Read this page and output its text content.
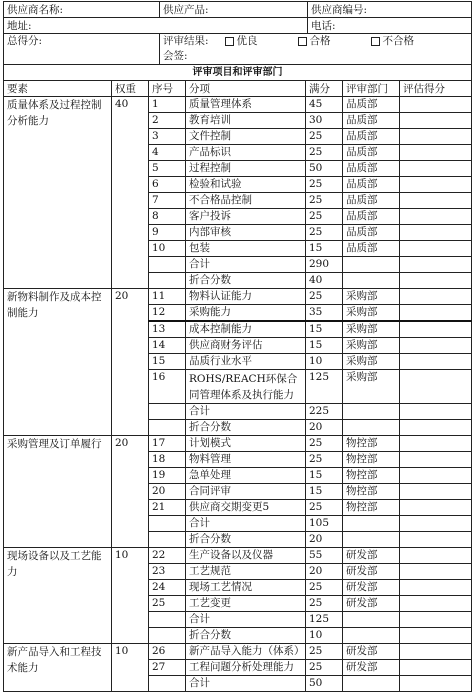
供应商名称:	供应产品:	供应商编号:
地址:		电话:
总得分:	评审结果: 优良 合格 不合格
会签:	
评审项目和评审部门						
要素	权重	序号	分项	满分	评审部门	评估得分
质量体系及过程控制分析能力	40	1	质量管理体系	45	品质部	
		2	教育培训	30	品质部	
		3	文件控制	25	品质部	
		4	产品标识	25	品质部	
		5	过程控制	50	品质部	
		6	检验和试验	25	品质部	
		7	不合格品控制	25	品质部	
		8	客户投诉	25	品质部	
		9	内部审核	25	品质部	
		10	包装	15	品质部	
			合计	290		
			折合分数	40		
新物料制作及成本控制能力	20	11	物料认证能力	25	采购部	
		12	采购能力	35	采购部	
		13	成本控制能力	15	采购部	
		14	供应商财务评估	15	采购部	
		15	品质行业水平	10	采购部	
		16	ROHS/REACH环保合同管理体系及执行能力	125	采购部	
			合计	225		
			折合分数	20		
采购管理及订单履行	20	17	计划模式	25	物控部	
		18	物料管理	25	物控部	
		19	急单处理	15	物控部	
		20	合同评审	15	物控部	
		21	供应商交期变更5	25	物控部	
			合计	105		
			折合分数	20		
现场设备以及工艺能力	10	22	生产设备以及仪器	55	研发部	
		23	工艺规范	20	研发部	
		24	现场工艺情况	25	研发部	
		25	工艺变更	25	研发部	
			合计	125		
			折合分数	10		
新产品导入和工程技术能力	10	26	新产品导入能力（体系）	25	研发部	
		27	工程问题分析处理能力	25	研发部	
			合计	50		
